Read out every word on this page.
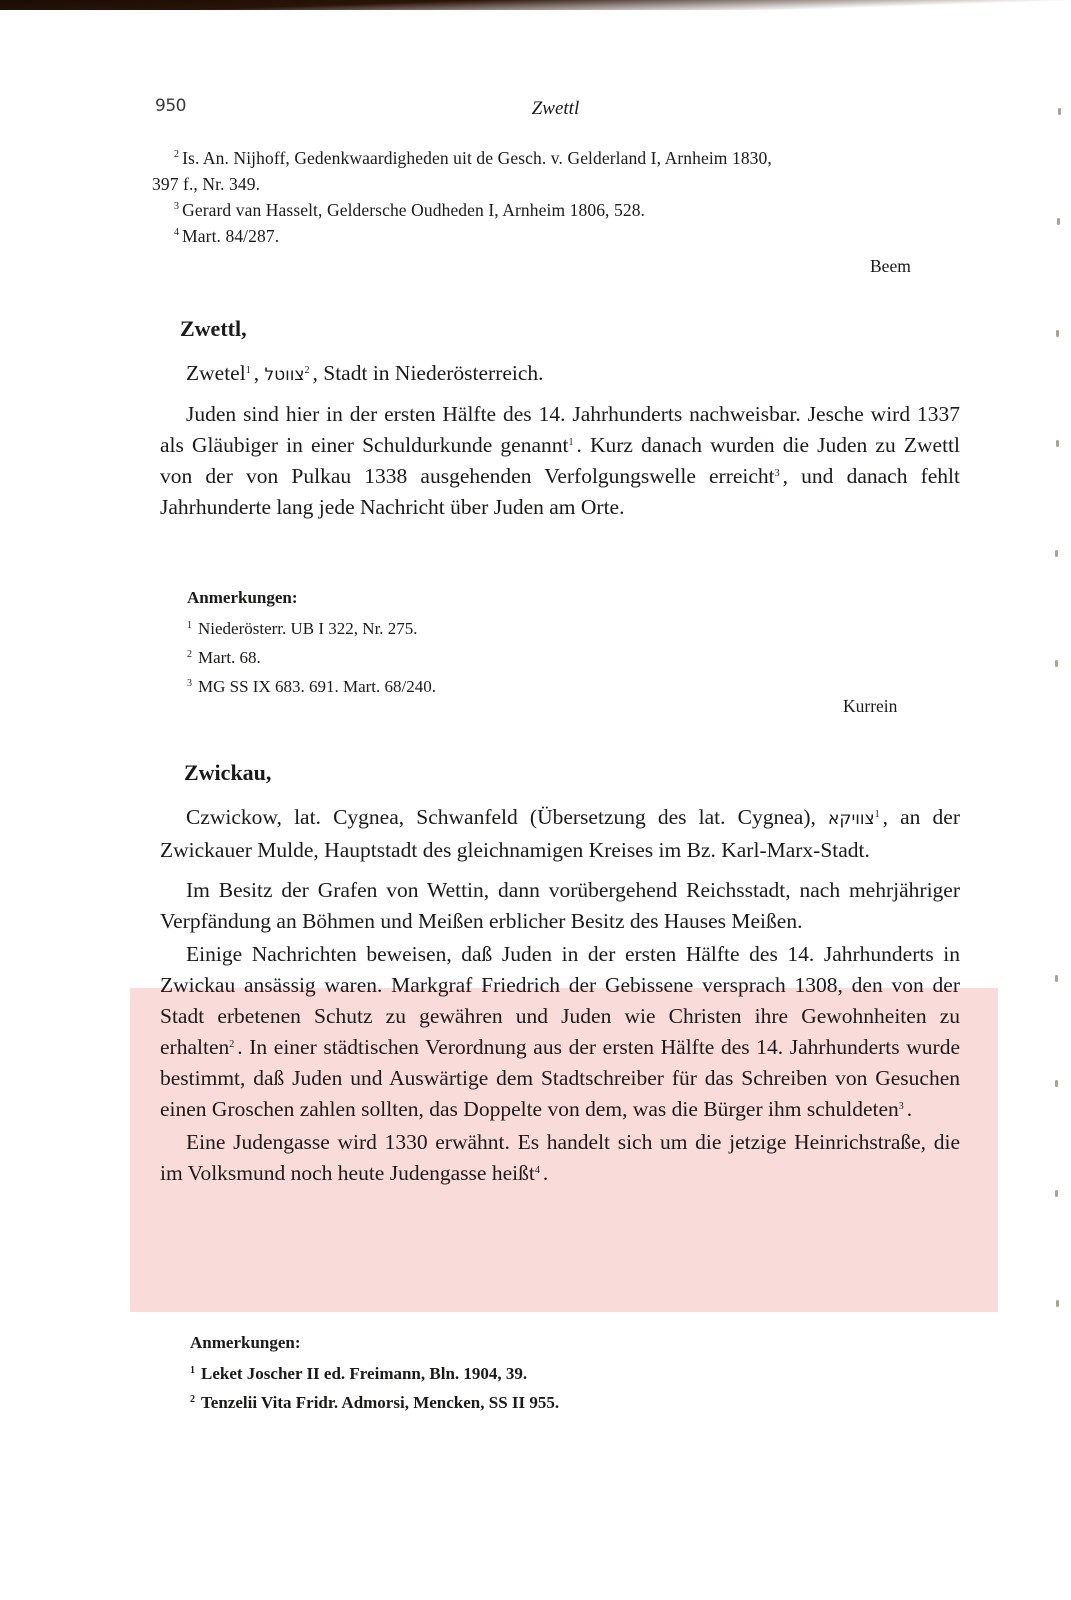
950	Zwettl
$^2$ Is. An. Nijhoff, Gedenkwaardigheden uit de Gesch. v. Gelderland I, Arnheim 1830,
397 f., Nr. 349.
$^3$ Gerard van Hasselt, Geldersche Oudheden I, Arnheim 1806, 528.
$^4$ Mart. 84/287.
Beem
Zwettl,

Zwetel$^1$ , צווטל$^2$ , Stadt in Niederösterreich.

Juden sind hier in der ersten Hälfte des 14. Jahrhunderts nachweisbar. Jesche wird 1337 als Gläubiger in einer Schuldurkunde genannt$^1$ . Kurz danach wurden die Juden zu Zwettl von der von Pulkau 1338 ausgehenden Verfolgungswelle erreicht$^3$ , und danach fehlt Jahrhunderte lang jede Nachricht über Juden am Orte.

Anmerkungen:
$^1$ Niederösterr. UB I 322, Nr. 275.
$^2$ Mart. 68.
$^3$ MG SS IX 683. 691. Mart. 68/240.
Kurrein
Zwickau,

Czwickow, lat. Cygnea, Schwanfeld (Übersetzung des lat. Cygnea), צוויקא$^1$ , an der Zwickauer Mulde, Hauptstadt des gleichnamigen Kreises im Bz. Karl-Marx-Stadt.

Im Besitz der Grafen von Wettin, dann vorübergehend Reichsstadt, nach mehrjähriger Verpfändung an Böhmen und Meißen erblicher Besitz des Hauses Meißen.

Einige Nachrichten beweisen, daß Juden in der ersten Hälfte des 14. Jahrhunderts in Zwickau ansässig waren. Markgraf Friedrich der Gebissene versprach 1308, den von der Stadt erbetenen Schutz zu gewähren und Juden wie Christen ihre Gewohnheiten zu erhalten$^2$ . In einer städtischen Verordnung aus der ersten Hälfte des 14. Jahrhunderts wurde bestimmt, daß Juden und Auswärtige dem Stadtschreiber für das Schreiben von Gesuchen einen Groschen zahlen sollten, das Doppelte von dem, was die Bürger ihm schuldeten$^3$ .

Eine Judengasse wird 1330 erwähnt. Es handelt sich um die jetzige Heinrichstraße, die im Volksmund noch heute Judengasse heißt$^4$ .

Anmerkungen:
$^1$ Leket Joscher II ed. Freimann, Bln. 1904, 39.
$^2$ Tenzelii Vita Fridr. Admorsi, Mencken, SS II 955.
